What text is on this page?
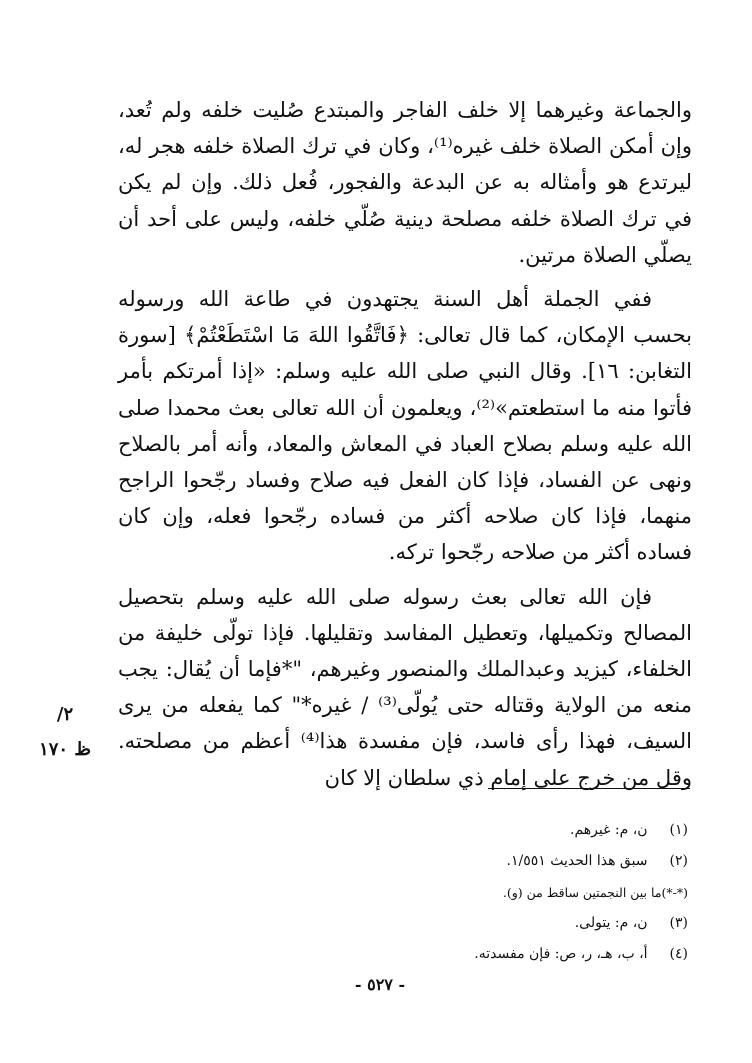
والجماعة وغيرهما إلا خلف الفاجر والمبتدع صُليت خلفه ولم تُعد، وإن أمكن الصلاة خلف غيره⁽¹⁾، وكان في ترك الصلاة خلفه هجر له، ليرتدع هو وأمثاله به عن البدعة والفجور، فُعل ذلك. وإن لم يكن في ترك الصلاة خلفه مصلحة دينية صُلّي خلفه، وليس على أحد أن يصلّي الصلاة مرتين.

ففي الجملة أهل السنة يجتهدون في طاعة الله ورسوله بحسب الإمكان، كما قال تعالى: ﴿فَاتَّقُوا اللهَ مَا اسْتَطَعْتُمْ﴾ [سورة التغابن: ١٦]. وقال النبي صلى الله عليه وسلم: «إذا أمرتكم بأمر فأتوا منه ما استطعتم»⁽²⁾، ويعلمون أن الله تعالى بعث محمدا صلى الله عليه وسلم بصلاح العباد في المعاش والمعاد، وأنه أمر بالصلاح ونهى عن الفساد، فإذا كان الفعل فيه صلاح وفساد رجّحوا الراجح منهما، فإذا كان صلاحه أكثر من فساده رجّحوا فعله، وإن كان فساده أكثر من صلاحه رجّحوا تركه.

فإن الله تعالى بعث رسوله صلى الله عليه وسلم بتحصيل المصالح وتكميلها، وتعطيل المفاسد وتقليلها. فإذا تولّى خليفة من الخلفاء، كيزيد وعبدالملك والمنصور وغيرهم، "*فإما أن يُقال: يجب منعه من الولاية وقتاله حتى يُولّى⁽³⁾ / غيره*" كما يفعله من يرى السيف، فهذا رأى فاسد، فإن مفسدة هذا⁽⁴⁾ أعظم من مصلحته. وقل من خرج على إمام ذي سلطان إلا كان

٢/
ظ ١٧٠
(١) ن، م: غيرهم.
(٢) سبق هذا الحديث ١/٥٥١.
(*-*)ما بين النجمتين ساقط من (و).
(٣) ن، م: يتولى.
(٤) أ، ب، هـ، ر، ص: فإن مفسدته.
- ٥٢٧ -
